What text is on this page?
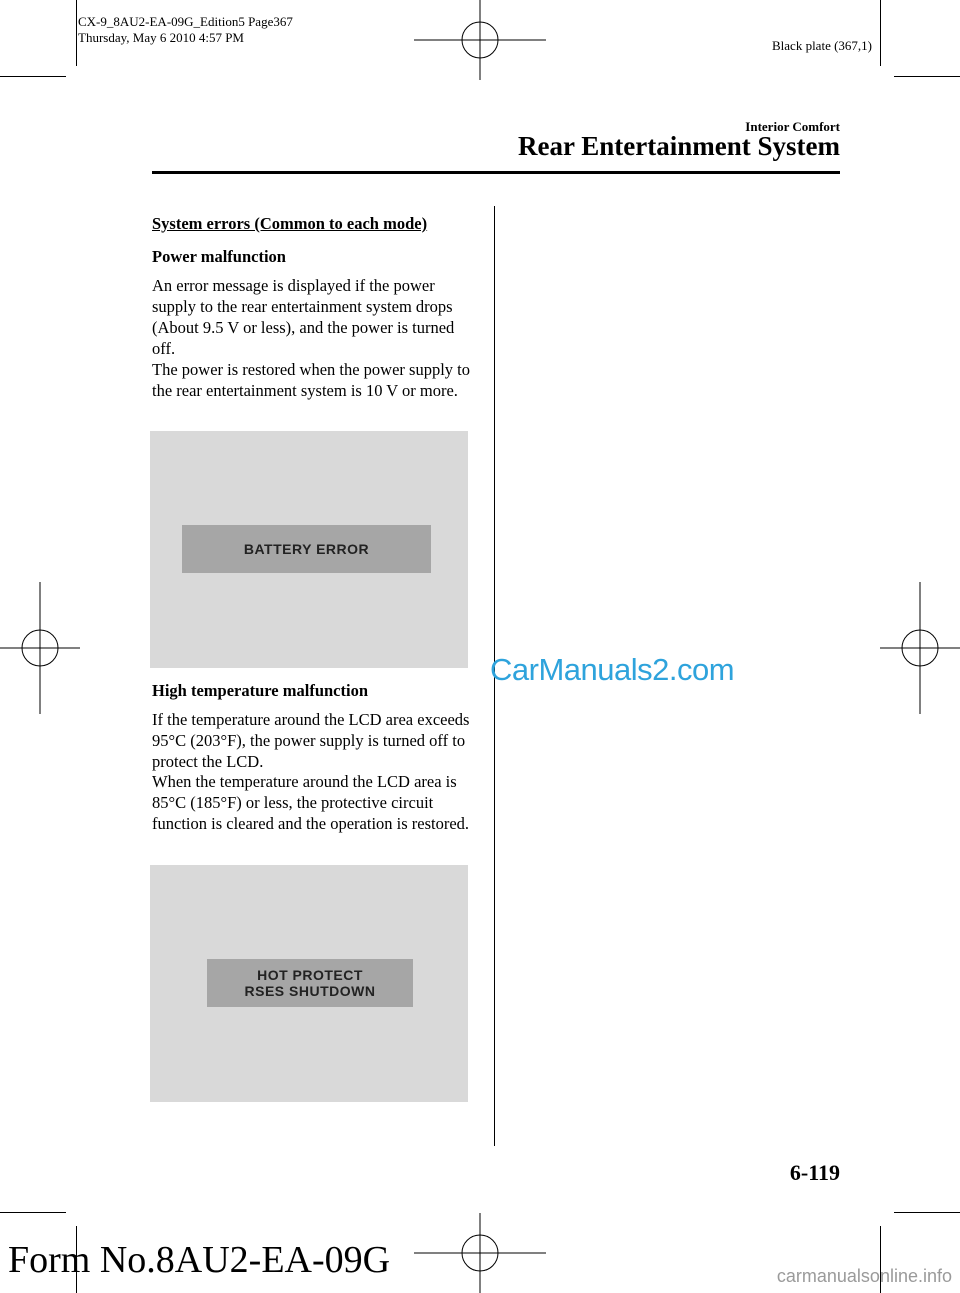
CX-9_8AU2-EA-09G_Edition5 Page367
Thursday, May 6 2010 4:57 PM
Black plate (367,1)
Interior Comfort
Rear Entertainment System
System errors (Common to each mode)
Power malfunction
An error message is displayed if the power supply to the rear entertainment system drops (About 9.5 V or less), and the power is turned off.
The power is restored when the power supply to the rear entertainment system is 10 V or more.
BATTERY ERROR
High temperature malfunction
If the temperature around the LCD area exceeds 95°C (203°F), the power supply is turned off to protect the LCD.
When the temperature around the LCD area is 85°C (185°F) or less, the protective circuit function is cleared and the operation is restored.
HOT PROTECT
RSES SHUTDOWN
CarManuals2.com
6-119
Form No.8AU2-EA-09G	carmanualsonline.info
